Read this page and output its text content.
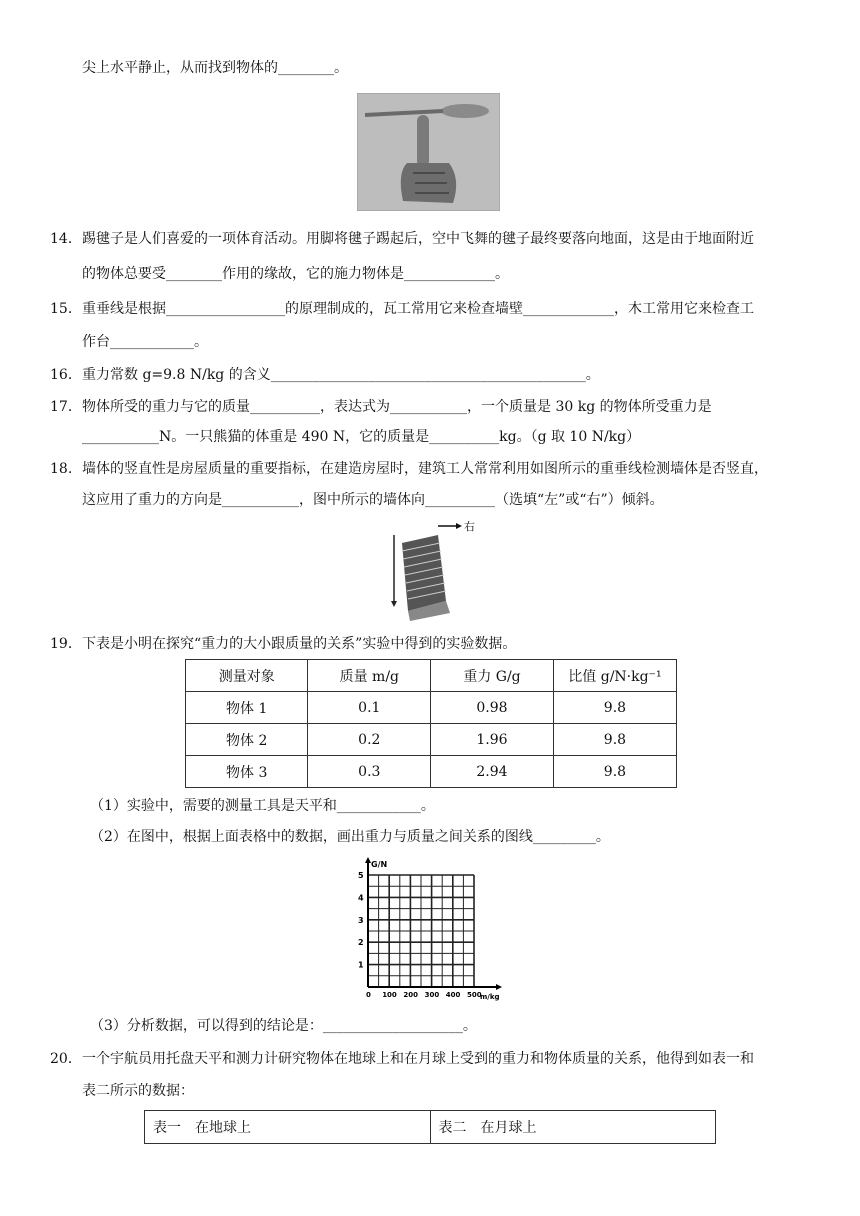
尖上水平静止，从而找到物体的________。
14． 踢毽子是人们喜爱的一项体育活动。用脚将毽子踢起后，空中飞舞的毽子最终要落向地面，这是由于地面附近
的物体总要受________作用的缘故，它的施力物体是_____________。
15． 重垂线是根据_________________的原理制成的，瓦工常用它来检查墙壁_____________，木工常用它来检查工
作台____________。
16． 重力常数 g=9.8 N/kg 的含义_____________________________________________。
17． 物体所受的重力与它的质量__________，表达式为___________，一个质量是 30 kg 的物体所受重力是
___________N。一只熊猫的体重是 490 N，它的质量是__________kg。（g 取 10 N/kg）
18. 墙体的竖直性是房屋质量的重要指标，在建造房屋时，建筑工人常常利用如图所示的重垂线检测墙体是否竖直，
这应用了重力的方向是___________，图中所示的墙体向__________（选填“左”或“右”）倾斜。
右
19． 下表是小明在探究“重力的大小跟质量的关系”实验中得到的实验数据。
测量对象	质量 m/g	重力 G/g	比值 g/N·kg⁻¹
物体 1	0.1	0.98	9.8
物体 2	0.2	1.96	9.8
物体 3	0.3	2.94	9.8
（1）实验中，需要的测量工具是天平和____________。
（2）在图中，根据上面表格中的数据，画出重力与质量之间关系的图线_________。
G/N
m/kg
1
2
3
4
5
0 100 200 300 400 500
（3）分析数据，可以得到的结论是：____________________。
20． 一个宇航员用托盘天平和测力计研究物体在地球上和在月球上受到的重力和物体质量的关系，他得到如表一和
表二所示的数据：
表一　在地球上	表二　在月球上
